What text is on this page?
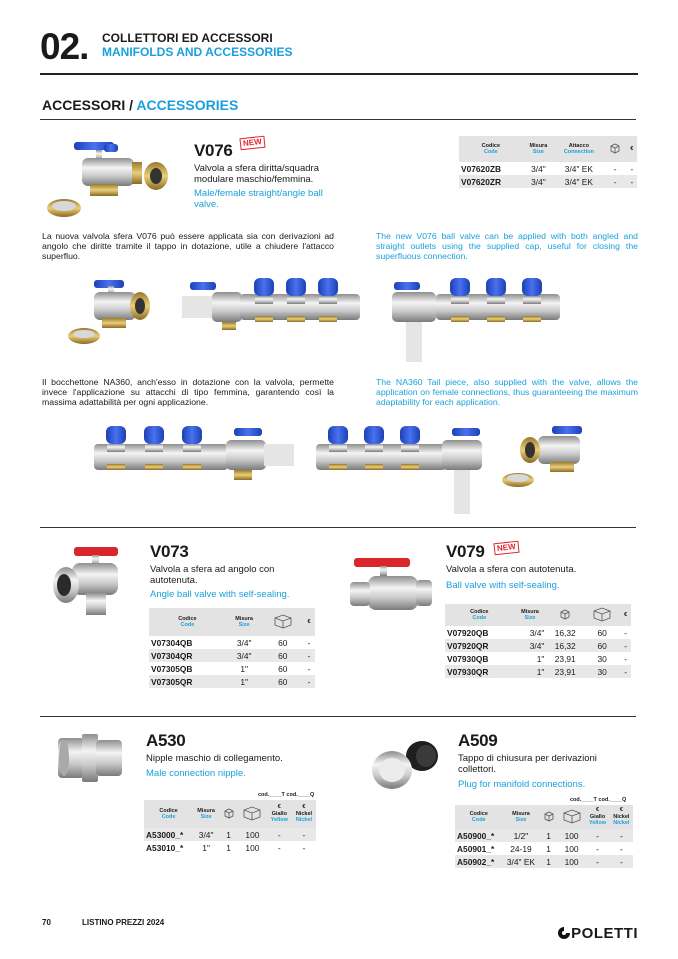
02. COLLETTORI ED ACCESSORI
MANIFOLDS AND ACCESSORIES
ACCESSORI / ACCESSORIES
V076	NEW
Valvola a sfera diritta/squadra modulare maschio/femmina.
Male/female straight/angle ball valve.
Codice
Code	Misura
Size	Attacco
Connection		€
V07620ZB	3/4"	3/4" EK	-	-
V07620ZR	3/4"	3/4" EK	-	-
La nuova valvola sfera V076 può essere applicata sia con derivazioni ad angolo che diritte tramite il tappo in dotazione, utile a chiudere l'attacco superfluo.
The new V076 ball valve can be applied with both angled and straight outlets using the supplied cap, useful for closing the superfluous connection.
Il bocchettone NA360, anch'esso in dotazione con la valvola, permette invece l'applicazione su attacchi di tipo femmina, garantendo così la massima adattabilità per ogni applicazione.
The NA360 Tail piece, also supplied with the valve, allows the application on female connections, thus guaranteeing the maximum adaptability for each application.
V073
Valvola a sfera ad angolo con autotenuta.
Angle ball valve with self-sealing.
Codice
Code	Misura
Size		€
V07304QB	3/4"	60	-
V07304QR	3/4"	60	-
V07305QB	1"	60	-
V07305QR	1"	60	-
V079	NEW
Valvola a sfera con autotenuta.
Ball valve with self-sealing.
Codice
Code	Misura
Size			€
V07920QB	3/4"	16,32	60	-
V07920QR	3/4"	16,32	60	-
V07930QB	1"	23,91	30	-
V07930QR	1"	23,91	30	-
A530
Nipple maschio di collegamento.
Male connection nipple.
cod.____T cod.____Q
Codice
Code	Misura
Size			€
Giallo
Yellow	€
Nickel
Nickel

A53000_*	3/4"	1	100	-	-
A53010_*	1"	1	100	-	-
A509
Tappo di chiusura per derivazioni collettori.
Plug for manifold connections.
cod.____T cod.____Q
Codice
Code	Misura
Size			€
Giallo
Yellow	€
Nickel
Nickel

A50900_*	1/2"	1	100	-	-
A50901_*	24-19	1	100	-	-
A50902_*	3/4" EK	1	100	-	-
70	LISTINO PREZZI 2024
POLETTI
